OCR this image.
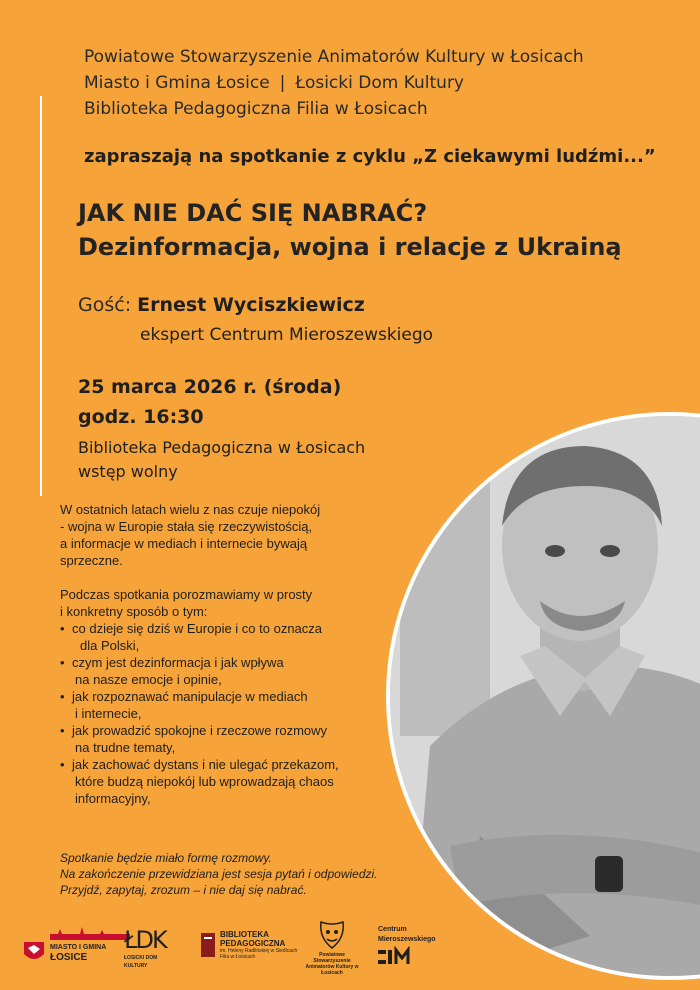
Powiatowe Stowarzyszenie Animatorów Kultury w Łosicach
Miasto i Gmina Łosice | Łosicki Dom Kultury
Biblioteka Pedagogiczna Filia w Łosicach
zapraszają na spotkanie z cyklu „Z ciekawymi ludźmi...”
JAK NIE DAĆ SIĘ NABRAĆ?
Dezinformacja, wojna i relacje z Ukrainą
Gość: Ernest Wyciszkiewicz
ekspert Centrum Mieroszewskiego
25 marca 2026 r. (środa)
godz. 16:30
Biblioteka Pedagogiczna w Łosicach
wstęp wolny

W ostatnich latach wielu z nas czuje niepokój
- wojna w Europie stała się rzeczywistością,
a informacje w mediach i internecie bywają
sprzeczne.

Podczas spotkania porozmawiamy w prosty
i konkretny sposób o tym:

• co dzieje się dziś w Europie i co to oznacza
dla Polski,
• czym jest dezinformacja i jak wpływa
na nasze emocje i opinie,
• jak rozpoznawać manipulacje w mediach
i internecie,
• jak prowadzić spokojne i rzeczowe rozmowy
na trudne tematy,
• jak zachować dystans i nie ulegać przekazom,
które budzą niepokój lub wprowadzają chaos
informacyjny,
Spotkanie będzie miało formę rozmowy.
Na zakończenie przewidziana jest sesja pytań i odpowiedzi.
Przyjdź, zapytaj, zrozum – i nie daj się nabrać.
MIASTO I GMINA
ŁOSICE
ŁDK
ŁOSICKI DOM KULTURY
BIBLIOTEKA
PEDAGOGICZNA
im. Heleny Radlińskiej w Siedlcach
Filia w Łosicach	Powiatowe Stowarzyszenie Animatorów Kultury w Łosicach
Centrum
Mieroszewskiego
